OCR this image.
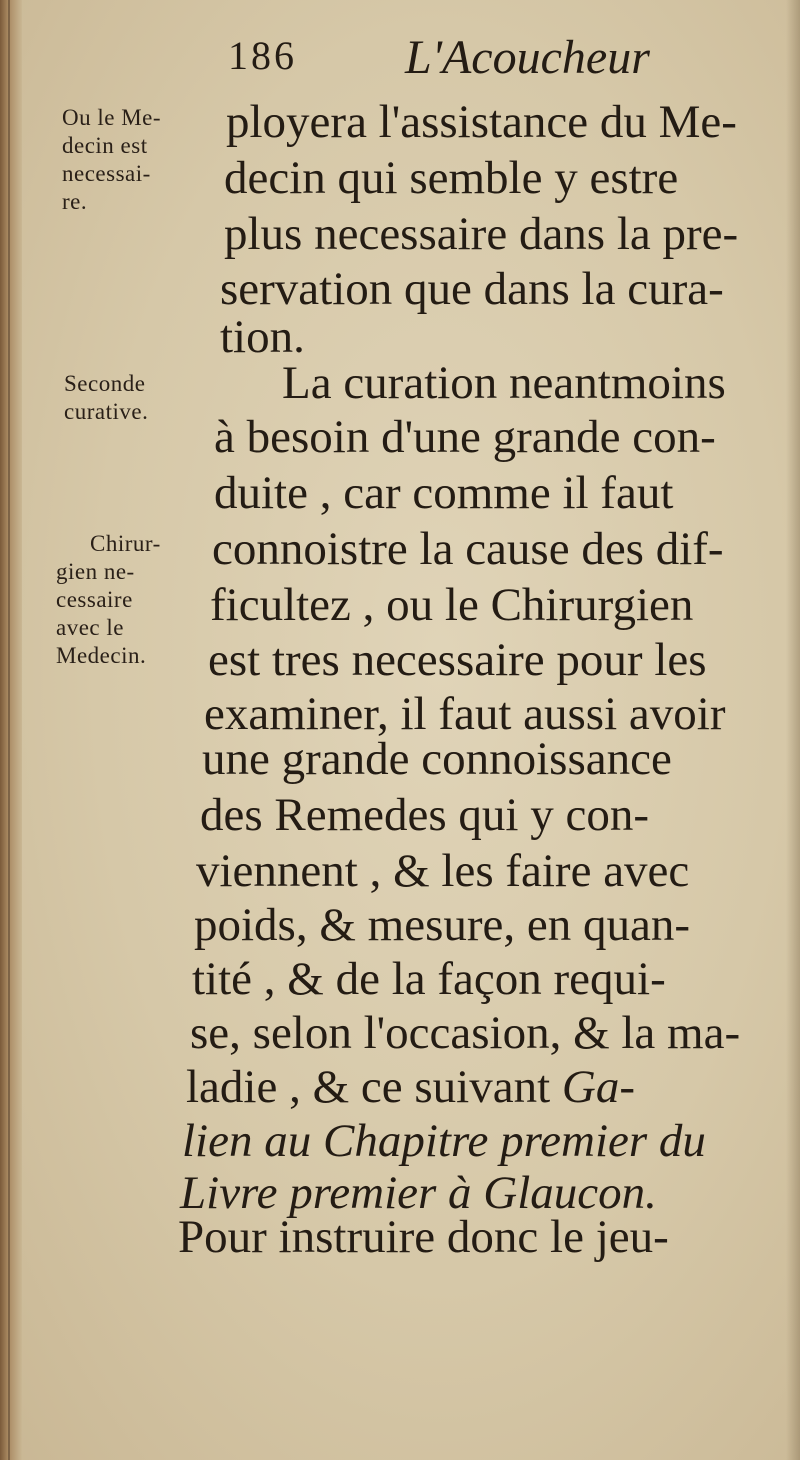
186 L'Acoucheur
Ou le Me-
decin est
necessai-
re.
Seconde
curative.
Chirur-
gien ne-
cessaire
avec le
Medecin.
ployera l'assistance du Me-
decin qui semble y estre
plus necessaire dans la pre-
servation que dans la cura-
tion.
La curation neantmoins
à besoin d'une grande con-
duite , car comme il faut
connoistre la cause des dif-
ficultez , ou le Chirurgien
est tres necessaire pour les
examiner, il faut aussi avoir
une grande connoissance
des Remedes qui y con-
viennent , & les faire avec
poids, & mesure, en quan-
tité , & de la façon requi-
se, selon l'occasion, & la ma-
ladie , & ce suivant Ga-
lien au Chapitre premier du
Livre premier à Glaucon.
Pour instruire donc le jeu-
